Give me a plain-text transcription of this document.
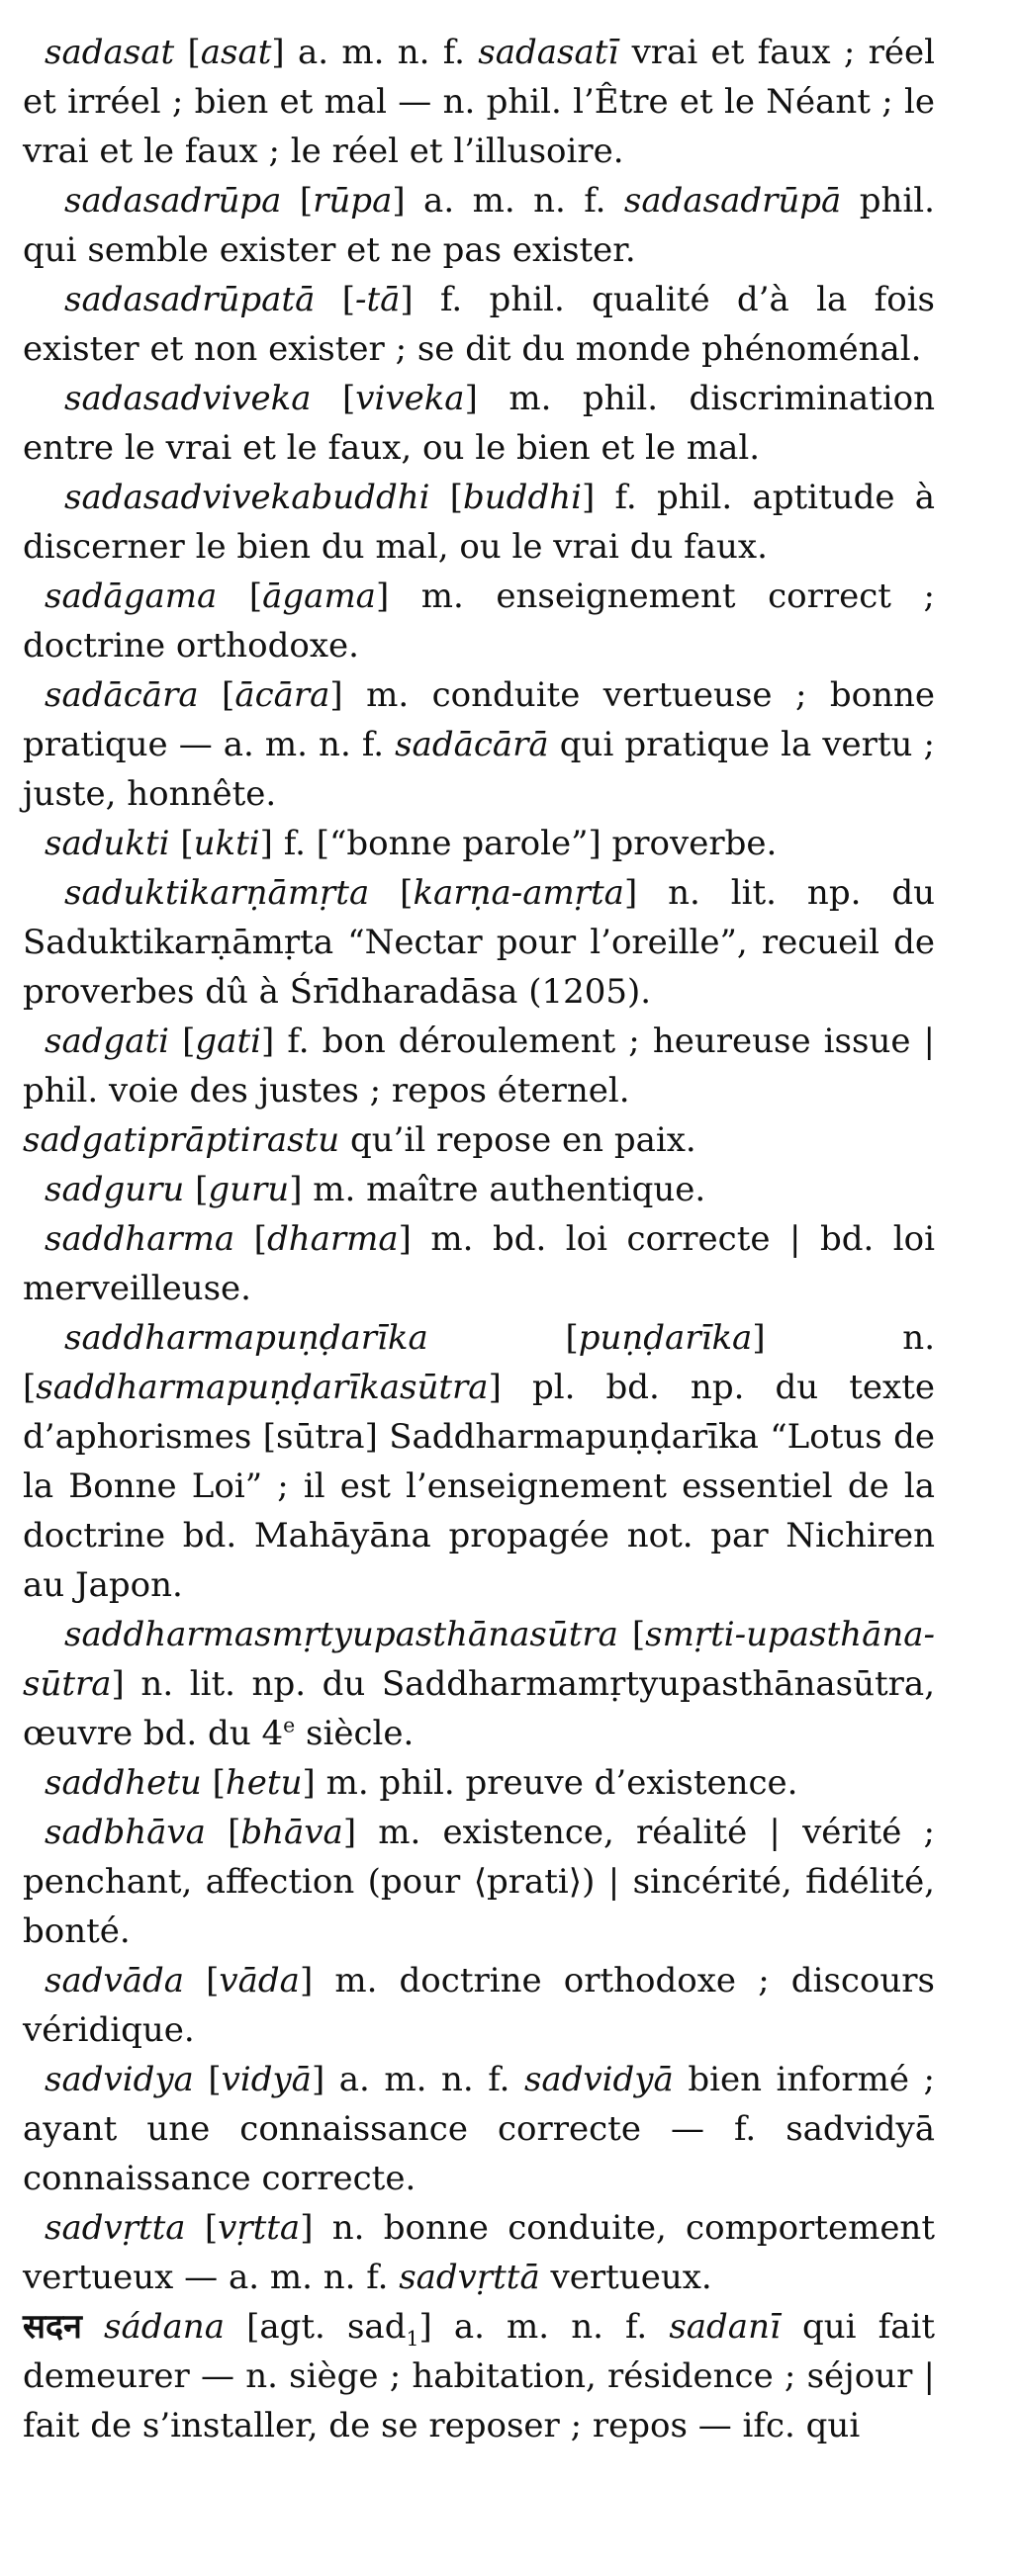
sadasat [asat] a. m. n. f. sadasatī vrai et faux ; réel et irréel ; bien et mal — n. phil. l’Être et le Néant ; le vrai et le faux ; le réel et l’illusoire.

sadasadrūpa [rūpa] a. m. n. f. sadasadrūpā phil. qui semble exister et ne pas exister.

sadasadrūpatā [-tā] f. phil. qualité d’à la fois exister et non exister ; se dit du monde phénoménal.

sadasadviveka [viveka] m. phil. discrimination entre le vrai et le faux, ou le bien et le mal.

sadasadvivekabuddhi [buddhi] f. phil. aptitude à discerner le bien du mal, ou le vrai du faux.

sadāgama [āgama] m. enseignement correct ; doctrine orthodoxe.

sadācāra [ācāra] m. conduite vertueuse ; bonne pratique — a. m. n. f. sadācārā qui pratique la vertu ; juste, honnête.

sadukti [ukti] f. [“bonne parole”] proverbe.

saduktikarṇāmṛta [karṇa-amṛta] n. lit. np. du Saduktikarṇāmṛta “Nectar pour l’oreille”, recueil de proverbes dû à Śrīdharadāsa (1205).

sadgati [gati] f. bon déroulement ; heureuse issue | phil. voie des justes ; repos éternel.

sadgatiprāptirastu qu’il repose en paix.

sadguru [guru] m. maître authentique.

saddharma [dharma] m. bd. loi correcte | bd. loi merveilleuse.

saddharmapuṇḍarīka [puṇḍarīka] n. [saddharmapuṇḍarīkasūtra] pl. bd. np. du texte d’aphorismes [sūtra] Saddharmapuṇḍarīka “Lotus de la Bonne Loi” ; il est l’enseignement essentiel de la doctrine bd. Mahāyāna propagée not. par Nichiren au Japon.

saddharmasmṛtyupasthānasūtra [smṛti-upasthāna-sūtra] n. lit. np. du Saddharmamṛtyupasthānasūtra, œuvre bd. du 4e siècle.

saddhetu [hetu] m. phil. preuve d’existence.

sadbhāva [bhāva] m. existence, réalité | vérité ; penchant, affection (pour ⟨prati⟩) | sincérité, fidélité, bonté.

sadvāda [vāda] m. doctrine orthodoxe ; discours véridique.

sadvidya [vidyā] a. m. n. f. sadvidyā bien informé ; ayant une connaissance correcte — f. sadvidyā connaissance correcte.

sadvṛtta [vṛtta] n. bonne conduite, comportement vertueux — a. m. n. f. sadvṛttā vertueux.

सदन sádana [agt. sad$_1$] a. m. n. f. sadanī qui fait demeurer — n. siège ; habitation, résidence ; séjour | fait de s’installer, de se reposer ; repos — ifc. qui
